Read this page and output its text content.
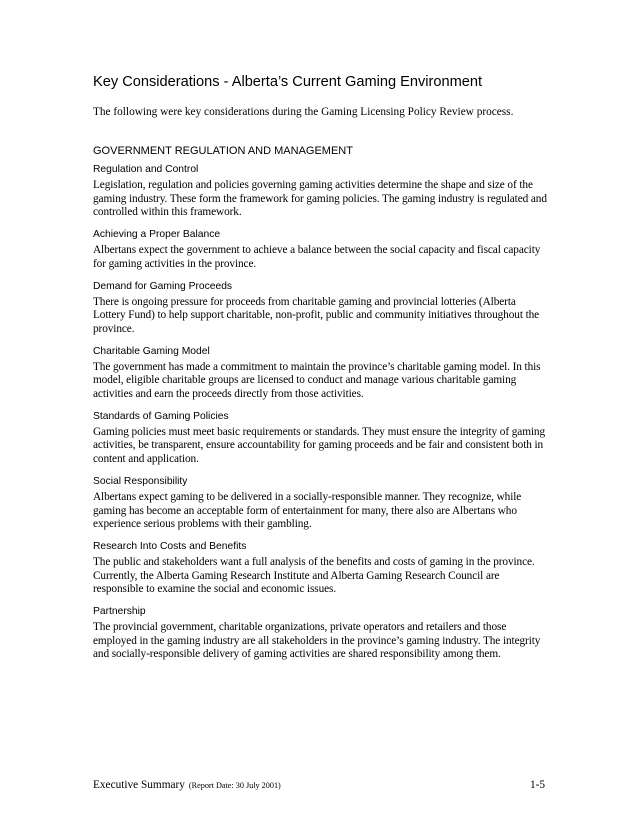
Key Considerations - Alberta’s Current Gaming Environment

The following were key considerations during the Gaming Licensing Policy Review process.

GOVERNMENT REGULATION AND MANAGEMENT
Regulation and Control

Legislation, regulation and policies governing gaming activities determine the shape and size of the gaming industry. These form the framework for gaming policies. The gaming industry is regulated and controlled within this framework.

Achieving a Proper Balance

Albertans expect the government to achieve a balance between the social capacity and fiscal capacity for gaming activities in the province.

Demand for Gaming Proceeds

There is ongoing pressure for proceeds from charitable gaming and provincial lotteries (Alberta Lottery Fund) to help support charitable, non-profit, public and community initiatives throughout the province.

Charitable Gaming Model

The government has made a commitment to maintain the province’s charitable gaming model. In this model, eligible charitable groups are licensed to conduct and manage various charitable gaming activities and earn the proceeds directly from those activities.

Standards of Gaming Policies

Gaming policies must meet basic requirements or standards. They must ensure the integrity of gaming activities, be transparent, ensure accountability for gaming proceeds and be fair and consistent both in content and application.

Social Responsibility

Albertans expect gaming to be delivered in a socially-responsible manner. They recognize, while gaming has become an acceptable form of entertainment for many, there also are Albertans who experience serious problems with their gambling.

Research Into Costs and Benefits

The public and stakeholders want a full analysis of the benefits and costs of gaming in the province. Currently, the Alberta Gaming Research Institute and Alberta Gaming Research Council are responsible to examine the social and economic issues.

Partnership

The provincial government, charitable organizations, private operators and retailers and those employed in the gaming industry are all stakeholders in the province’s gaming industry. The integrity and socially-responsible delivery of gaming activities are shared responsibility among them.

Executive Summary (Report Date: 30 July 2001)	1-5
